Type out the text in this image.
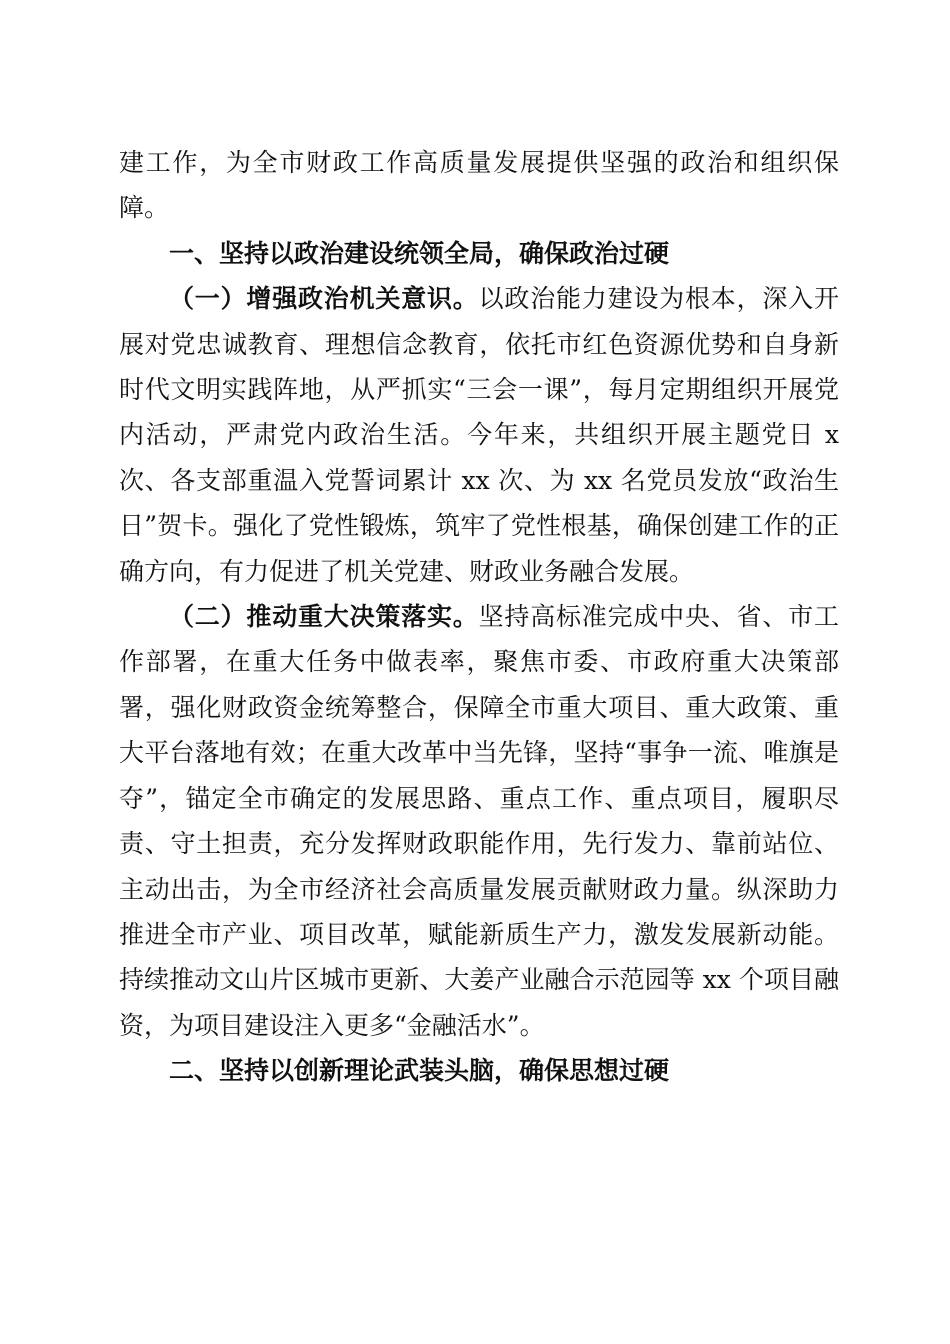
建工作，为全市财政工作高质量发展提供坚强的政治和组织保障。

一、坚持以政治建设统领全局，确保政治过硬

（一）增强政治机关意识。以政治能力建设为根本，深入开展对党忠诚教育、理想信念教育，依托市红色资源优势和自身新时代文明实践阵地，从严抓实“三会一课”，每月定期组织开展党内活动，严肃党内政治生活。今年来，共组织开展主题党日 x 次、各支部重温入党誓词累计 xx 次、为 xx 名党员发放“政治生日”贺卡。强化了党性锻炼，筑牢了党性根基，确保创建工作的正确方向，有力促进了机关党建、财政业务融合发展。

（二）推动重大决策落实。坚持高标准完成中央、省、市工作部署，在重大任务中做表率，聚焦市委、市政府重大决策部署，强化财政资金统筹整合，保障全市重大项目、重大政策、重大平台落地有效；在重大改革中当先锋，坚持“事争一流、唯旗是夺”，锚定全市确定的发展思路、重点工作、重点项目，履职尽责、守土担责，充分发挥财政职能作用，先行发力、靠前站位、主动出击，为全市经济社会高质量发展贡献财政力量。纵深助力推进全市产业、项目改革，赋能新质生产力，激发发展新动能。持续推动文山片区城市更新、大姜产业融合示范园等 xx 个项目融资，为项目建设注入更多“金融活水”。

二、坚持以创新理论武装头脑，确保思想过硬
